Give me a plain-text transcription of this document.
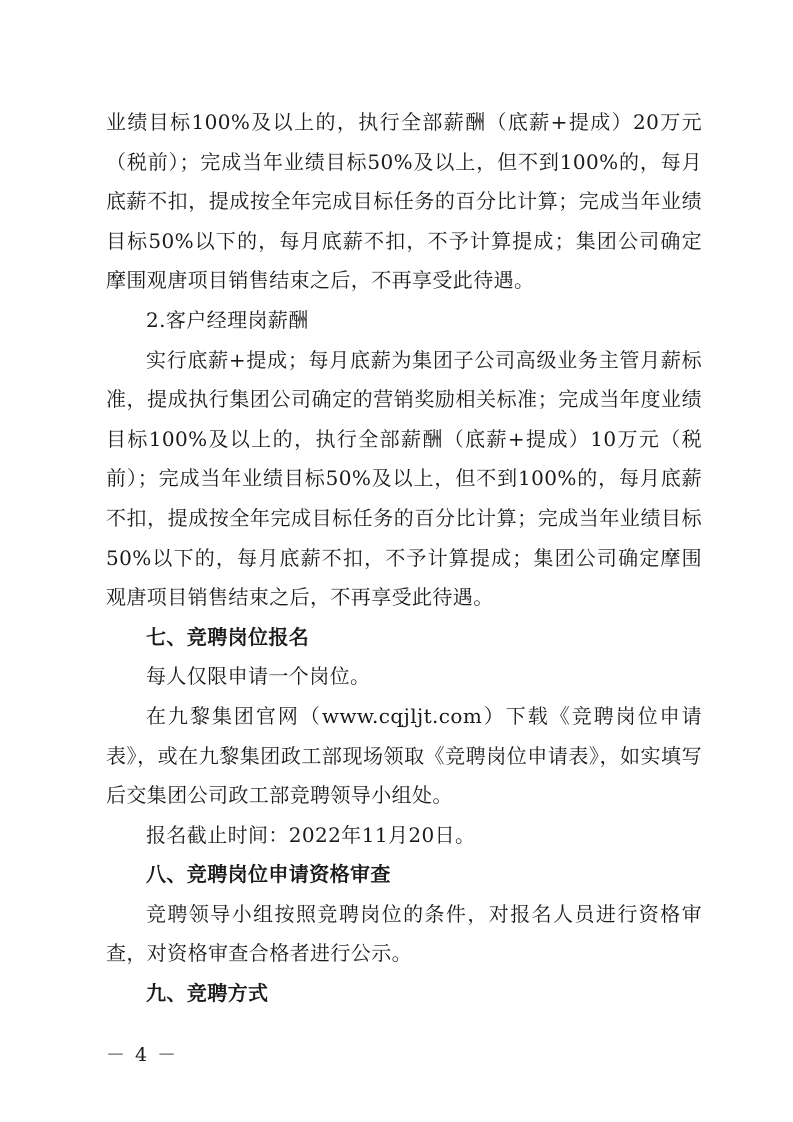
业绩目标100%及以上的，执行全部薪酬（底薪+提成）20万元（税前）；完成当年业绩目标50%及以上，但不到100%的，每月底薪不扣，提成按全年完成目标任务的百分比计算；完成当年业绩目标50%以下的，每月底薪不扣，不予计算提成；集团公司确定摩围观唐项目销售结束之后，不再享受此待遇。

2.客户经理岗薪酬

实行底薪+提成；每月底薪为集团子公司高级业务主管月薪标准，提成执行集团公司确定的营销奖励相关标准；完成当年度业绩目标100%及以上的，执行全部薪酬（底薪+提成）10万元（税前）；完成当年业绩目标50%及以上，但不到100%的，每月底薪不扣，提成按全年完成目标任务的百分比计算；完成当年业绩目标50%以下的，每月底薪不扣，不予计算提成；集团公司确定摩围观唐项目销售结束之后，不再享受此待遇。

七、竞聘岗位报名

每人仅限申请一个岗位。

在九黎集团官网（www.cqjljt.com）下载《竞聘岗位申请表》，或在九黎集团政工部现场领取《竞聘岗位申请表》，如实填写后交集团公司政工部竞聘领导小组处。

报名截止时间：2022年11月20日。

八、竞聘岗位申请资格审查

竞聘领导小组按照竞聘岗位的条件，对报名人员进行资格审查，对资格审查合格者进行公示。

九、竞聘方式

－ 4 －
